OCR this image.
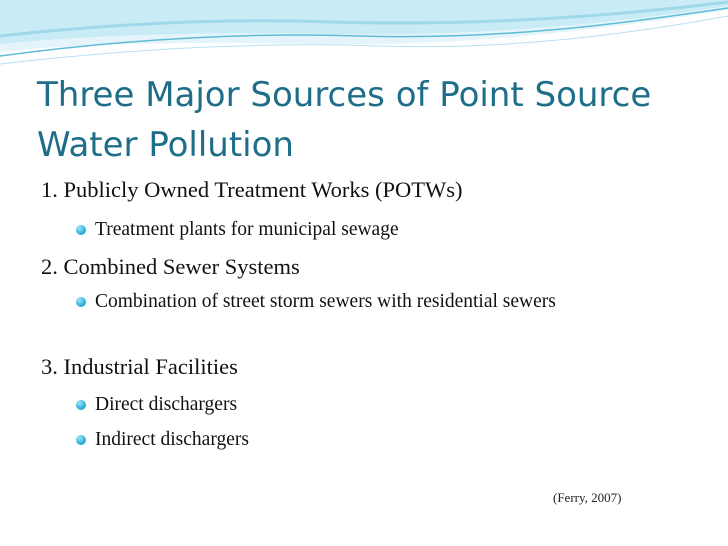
Three Major Sources of Point Source
Water Pollution
1. Publicly Owned Treatment Works (POTWs)
Treatment plants for municipal sewage
2. Combined Sewer Systems
Combination of street storm sewers with residential sewers
3. Industrial Facilities
Direct dischargers
Indirect dischargers
(Ferry, 2007)
